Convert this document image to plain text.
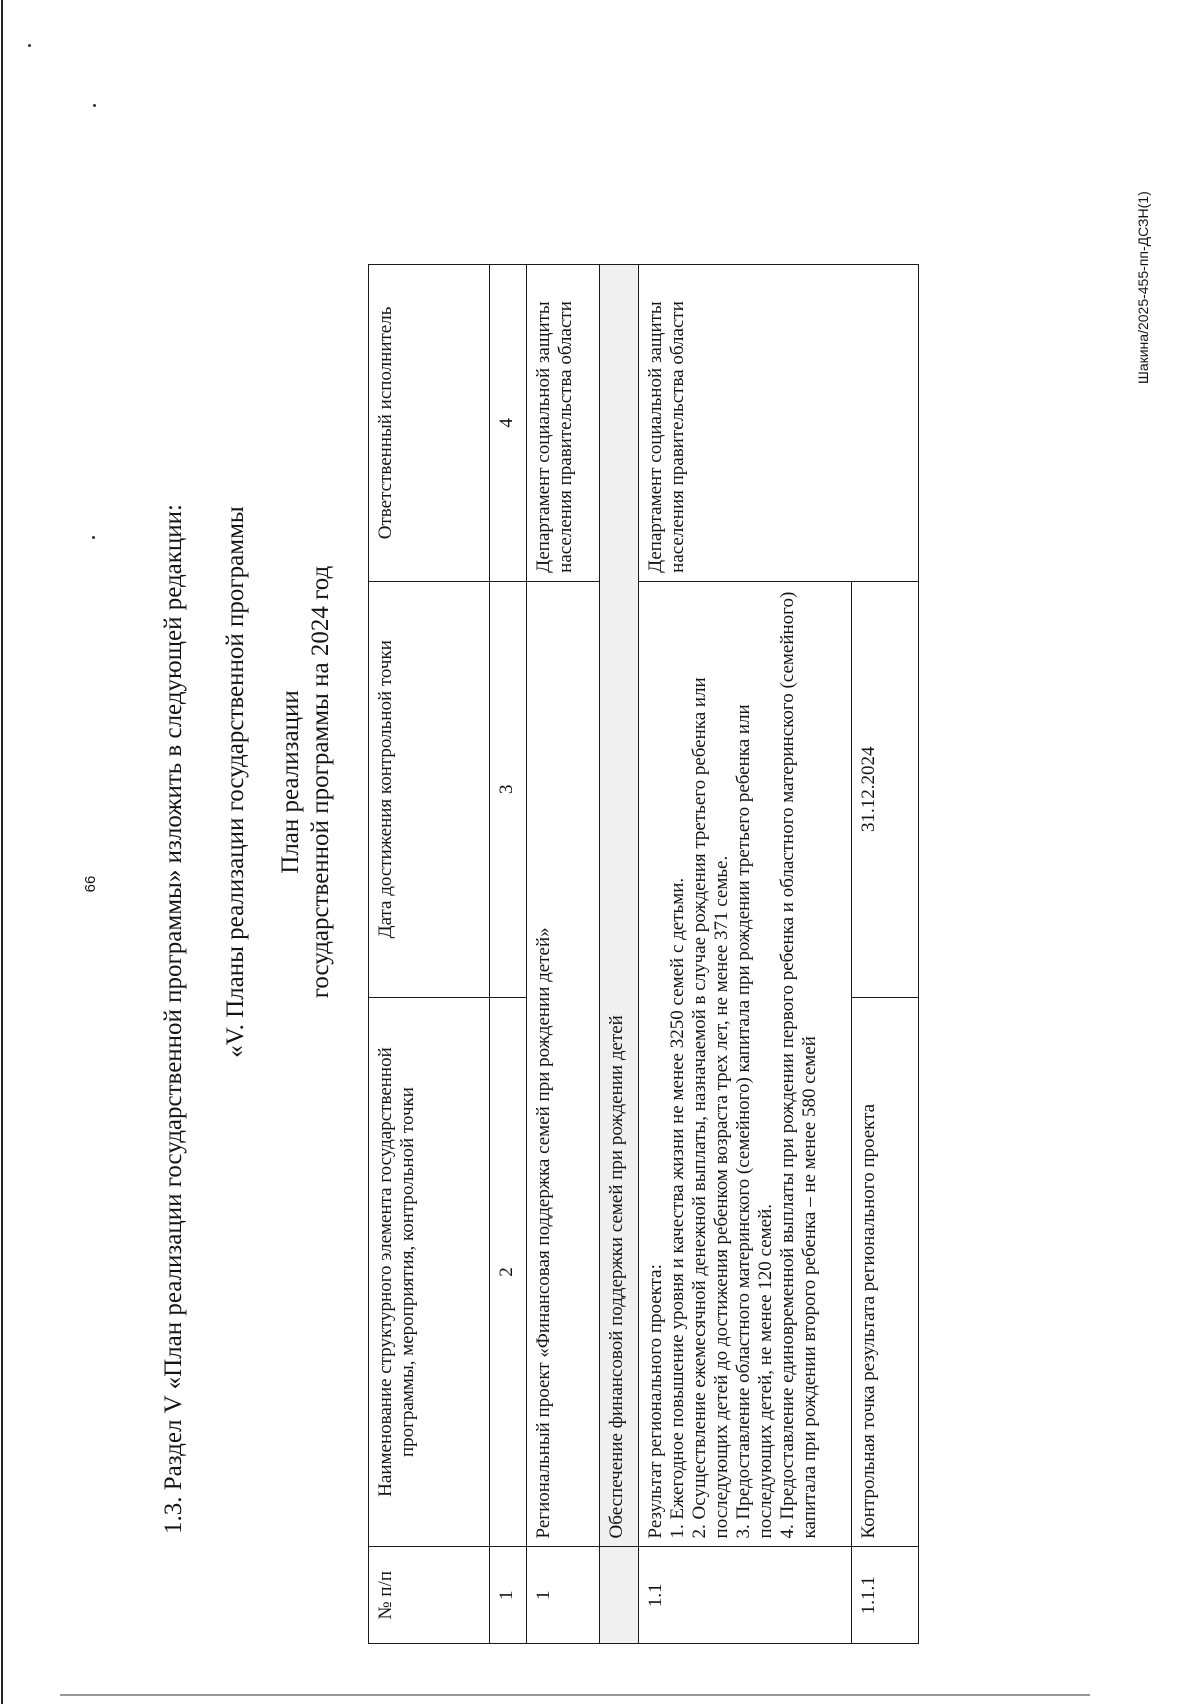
66 1.3. Раздел V «План реализации государственной программы» изложить в следующей редакции: «V. Планы реализации государственной программы План реализации государственной программы на 2024 год
№ п/п	Наименование структурного элемента государственной программы, мероприятия, контрольной точки	Дата достижения контрольной точки	Ответственный исполнитель
1	2	3	4
1	Региональный проект «Финансовая поддержка семей при рождении детей»		Департамент социальной защиты населения правительства области
	Обеспечение финансовой поддержки семей при рождении детей		
1.1	Результат регионального проекта: 1. Ежегодное повышение уровня и качества жизни не менее 3250 семей с детьми. 2. Осуществление ежемесячной денежной выплаты, назначаемой в случае рождения третьего ребенка или последующих детей до достижения ребенком возраста трех лет, не менее 371 семье. 3. Предоставление областного материнского (семейного) капитала при рождении третьего ребенка или последующих детей, не менее 120 семей. 4. Предоставление единовременной выплаты при рождении первого ребенка и областного материнского (семейного) капитала при рождении второго ребенка – не менее 580 семей		Департамент социальной защиты населения правительства области
1.1.1	Контрольная точка результата регионального проекта	31.12.2024	
Шакина/2025-455-пп-ДСЗН(1)
